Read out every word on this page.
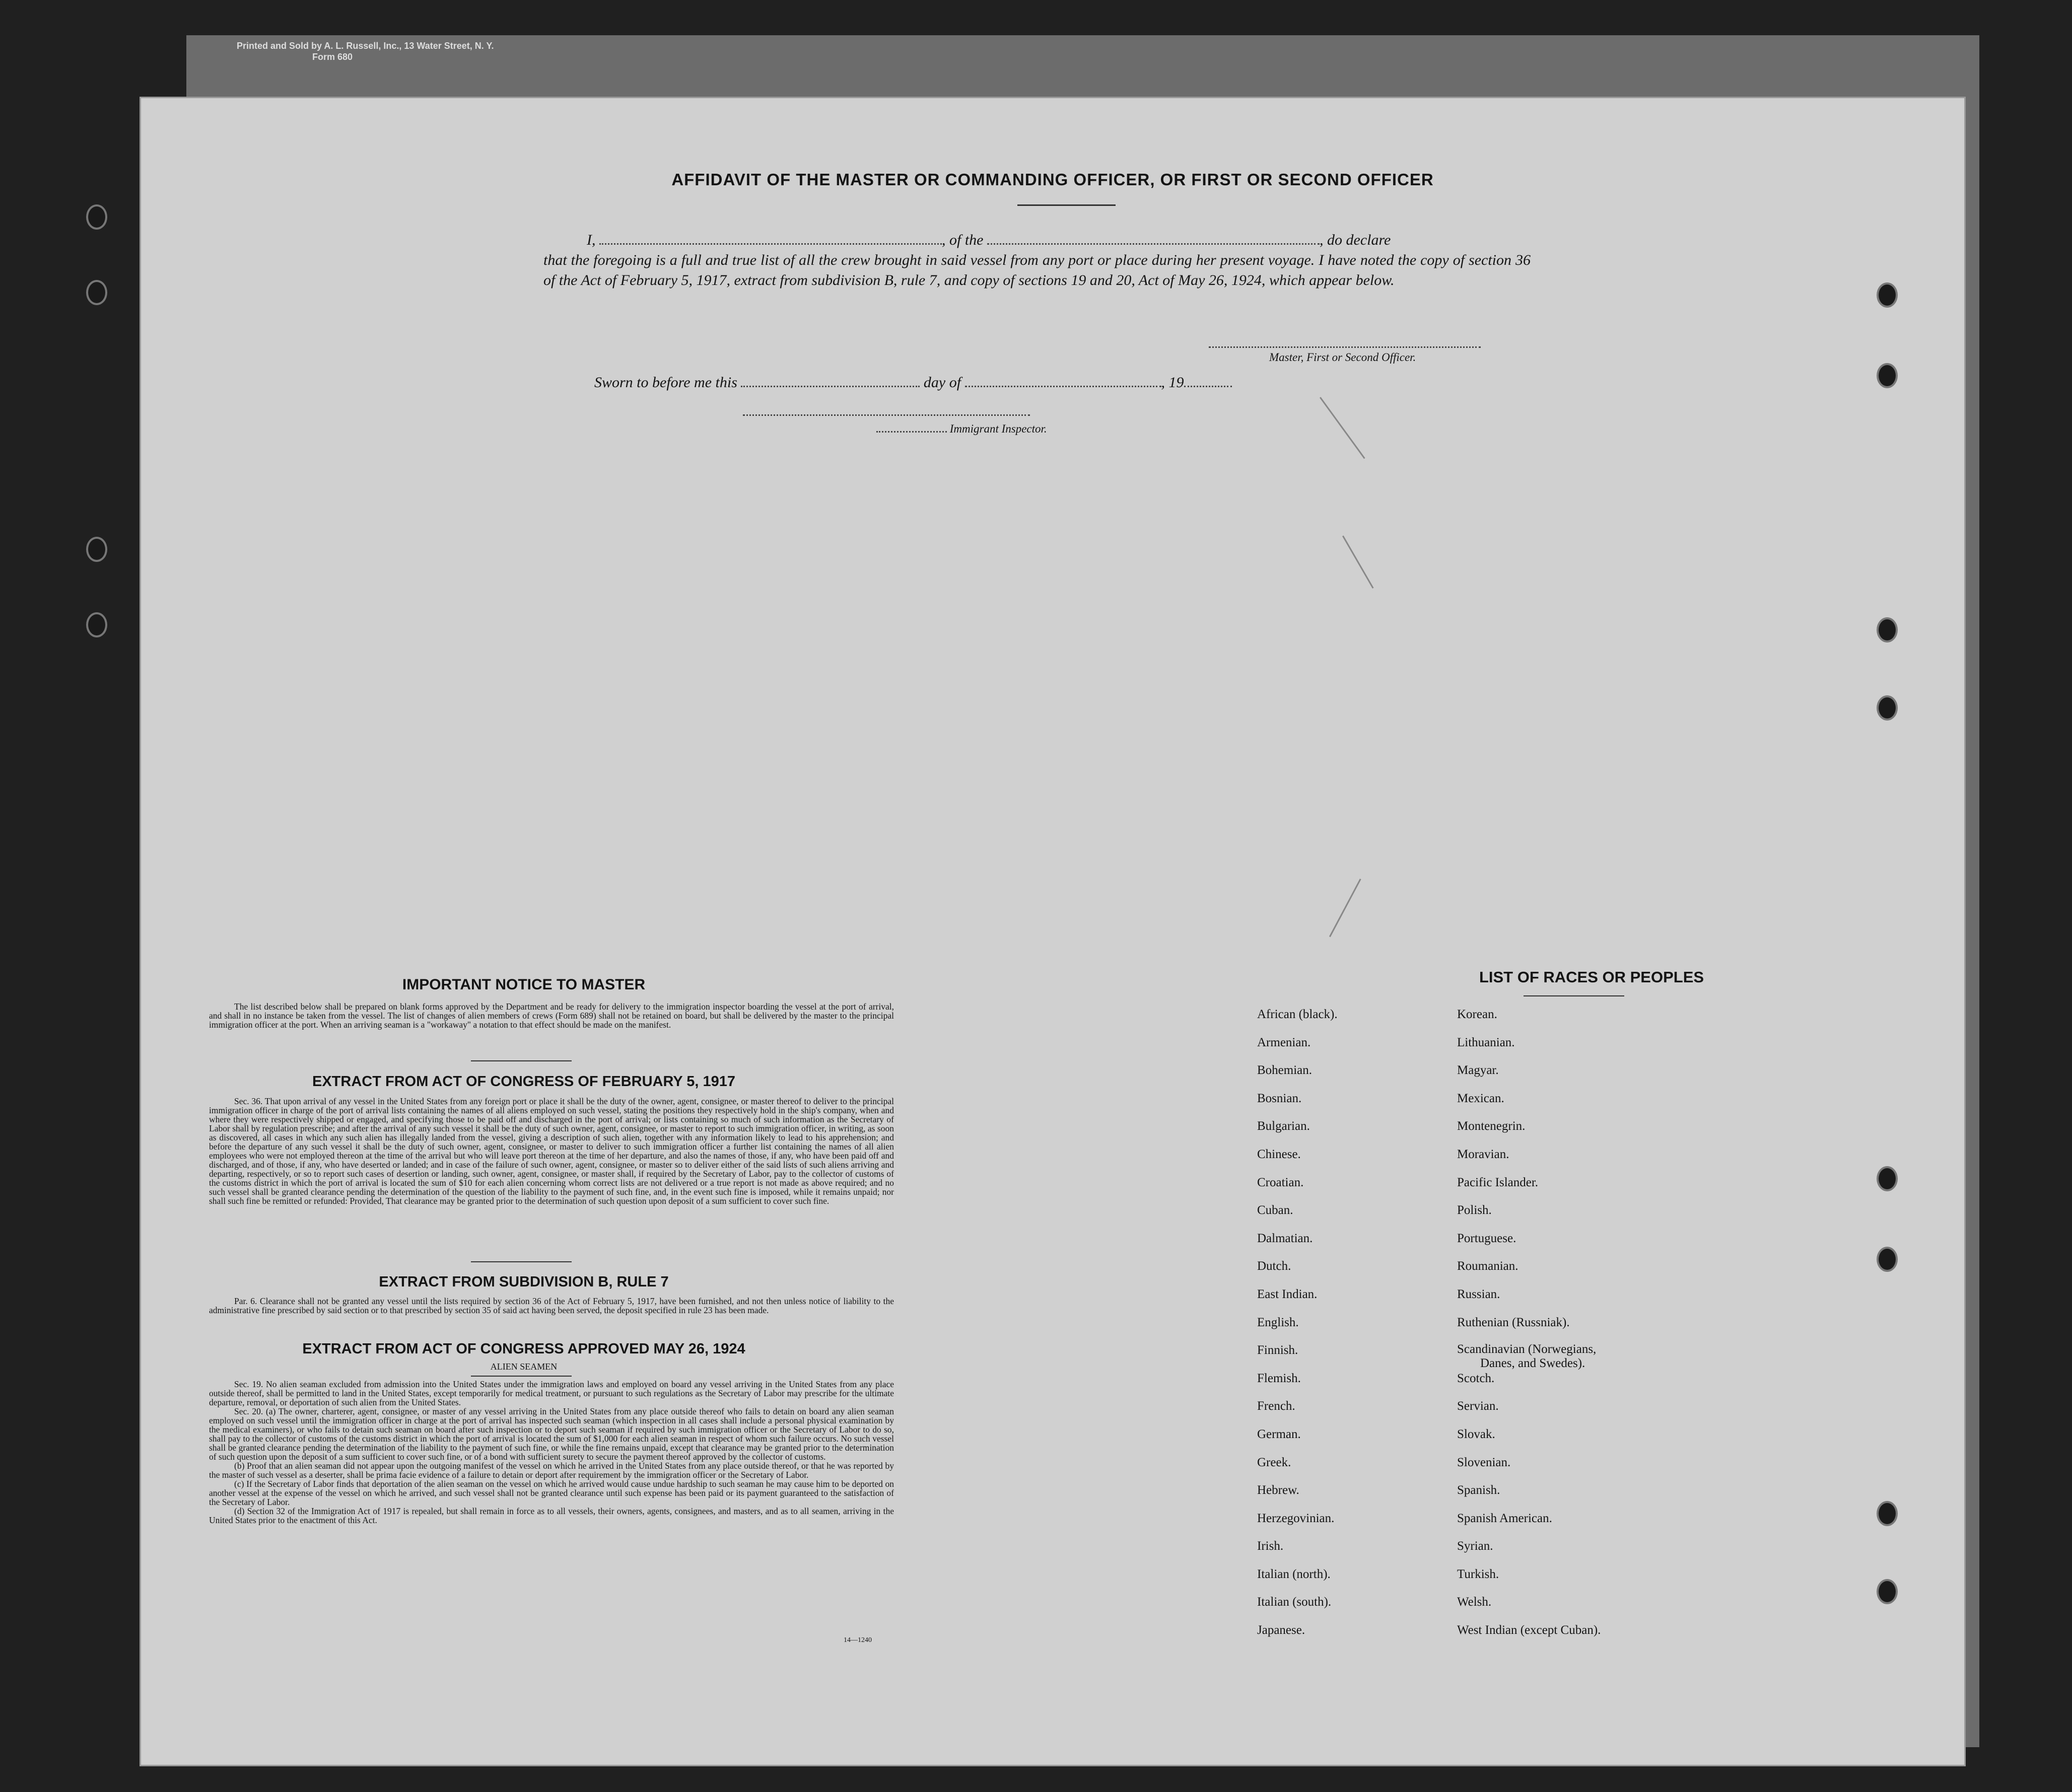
Printed and Sold by A. L. Russell, Inc., 13 Water Street, N. Y.
Form 680
AFFIDAVIT OF THE MASTER OR COMMANDING OFFICER, OR FIRST OR SECOND OFFICER
I,	, of the	, do declare
that the foregoing is a full and true list of all the crew brought in said vessel from any port or place during her present voyage. I have noted the copy of section 36 of the Act of February 5, 1917, extract from subdivision B, rule 7, and copy of sections 19 and 20, Act of May 26, 1924, which appear below.
Master, First or Second Officer.
Sworn to before me this	day of	, 19
Immigrant Inspector.
IMPORTANT NOTICE TO MASTER

The list described below shall be prepared on blank forms approved by the Department and be ready for delivery to the immigration inspector boarding the vessel at the port of arrival, and shall in no instance be taken from the vessel. The list of changes of alien members of crews (Form 689) shall not be retained on board, but shall be delivered by the master to the principal immigration officer at the port. When an arriving seaman is a "workaway" a notation to that effect should be made on the manifest.

EXTRACT FROM ACT OF CONGRESS OF FEBRUARY 5, 1917

Sec. 36. That upon arrival of any vessel in the United States from any foreign port or place it shall be the duty of the owner, agent, consignee, or master thereof to deliver to the principal immigration officer in charge of the port of arrival lists containing the names of all aliens employed on such vessel, stating the positions they respectively hold in the ship's company, when and where they were respectively shipped or engaged, and specifying those to be paid off and discharged in the port of arrival; or lists containing so much of such information as the Secretary of Labor shall by regulation prescribe; and after the arrival of any such vessel it shall be the duty of such owner, agent, consignee, or master to report to such immigration officer, in writing, as soon as discovered, all cases in which any such alien has illegally landed from the vessel, giving a description of such alien, together with any information likely to lead to his apprehension; and before the departure of any such vessel it shall be the duty of such owner, agent, consignee, or master to deliver to such immigration officer a further list containing the names of all alien employees who were not employed thereon at the time of the arrival but who will leave port thereon at the time of her departure, and also the names of those, if any, who have been paid off and discharged, and of those, if any, who have deserted or landed; and in case of the failure of such owner, agent, consignee, or master so to deliver either of the said lists of such aliens arriving and departing, respectively, or so to report such cases of desertion or landing, such owner, agent, consignee, or master shall, if required by the Secretary of Labor, pay to the collector of customs of the customs district in which the port of arrival is located the sum of $10 for each alien concerning whom correct lists are not delivered or a true report is not made as above required; and no such vessel shall be granted clearance pending the determination of the question of the liability to the payment of such fine, and, in the event such fine is imposed, while it remains unpaid; nor shall such fine be remitted or refunded: Provided, That clearance may be granted prior to the determination of such question upon deposit of a sum sufficient to cover such fine.

EXTRACT FROM SUBDIVISION B, RULE 7

Par. 6. Clearance shall not be granted any vessel until the lists required by section 36 of the Act of February 5, 1917, have been furnished, and not then unless notice of liability to the administrative fine prescribed by said section or to that prescribed by section 35 of said act having been served, the deposit specified in rule 23 has been made.

EXTRACT FROM ACT OF CONGRESS APPROVED MAY 26, 1924
ALIEN SEAMEN

Sec. 19. No alien seaman excluded from admission into the United States under the immigration laws and employed on board any vessel arriving in the United States from any place outside thereof, shall be permitted to land in the United States, except temporarily for medical treatment, or pursuant to such regulations as the Secretary of Labor may prescribe for the ultimate departure, removal, or deportation of such alien from the United States.

Sec. 20. (a) The owner, charterer, agent, consignee, or master of any vessel arriving in the United States from any place outside thereof who fails to detain on board any alien seaman employed on such vessel until the immigration officer in charge at the port of arrival has inspected such seaman (which inspection in all cases shall include a personal physical examination by the medical examiners), or who fails to detain such seaman on board after such inspection or to deport such seaman if required by such immigration officer or the Secretary of Labor to do so, shall pay to the collector of customs of the customs district in which the port of arrival is located the sum of $1,000 for each alien seaman in respect of whom such failure occurs. No such vessel shall be granted clearance pending the determination of the liability to the payment of such fine, or while the fine remains unpaid, except that clearance may be granted prior to the determination of such question upon the deposit of a sum sufficient to cover such fine, or of a bond with sufficient surety to secure the payment thereof approved by the collector of customs.

(b) Proof that an alien seaman did not appear upon the outgoing manifest of the vessel on which he arrived in the United States from any place outside thereof, or that he was reported by the master of such vessel as a deserter, shall be prima facie evidence of a failure to detain or deport after requirement by the immigration officer or the Secretary of Labor.

(c) If the Secretary of Labor finds that deportation of the alien seaman on the vessel on which he arrived would cause undue hardship to such seaman he may cause him to be deported on another vessel at the expense of the vessel on which he arrived, and such vessel shall not be granted clearance until such expense has been paid or its payment guaranteed to the satisfaction of the Secretary of Labor.

(d) Section 32 of the Immigration Act of 1917 is repealed, but shall remain in force as to all vessels, their owners, agents, consignees, and masters, and as to all seamen, arriving in the United States prior to the enactment of this Act.

14—1240
LIST OF RACES OR PEOPLES
African (black).
Armenian.
Bohemian.
Bosnian.
Bulgarian.
Chinese.
Croatian.
Cuban.
Dalmatian.
Dutch.
East Indian.
English.
Finnish.
Flemish.
French.
German.
Greek.
Hebrew.
Herzegovinian.
Irish.
Italian (north).
Italian (south).
Japanese.
Korean.
Lithuanian.
Magyar.
Mexican.
Montenegrin.
Moravian.
Pacific Islander.
Polish.
Portuguese.
Roumanian.
Russian.
Ruthenian (Russniak).
Scandinavian (Norwegians,
Danes, and Swedes).
Scotch.
Servian.
Slovak.
Slovenian.
Spanish.
Spanish American.
Syrian.
Turkish.
Welsh.
West Indian (except Cuban).
